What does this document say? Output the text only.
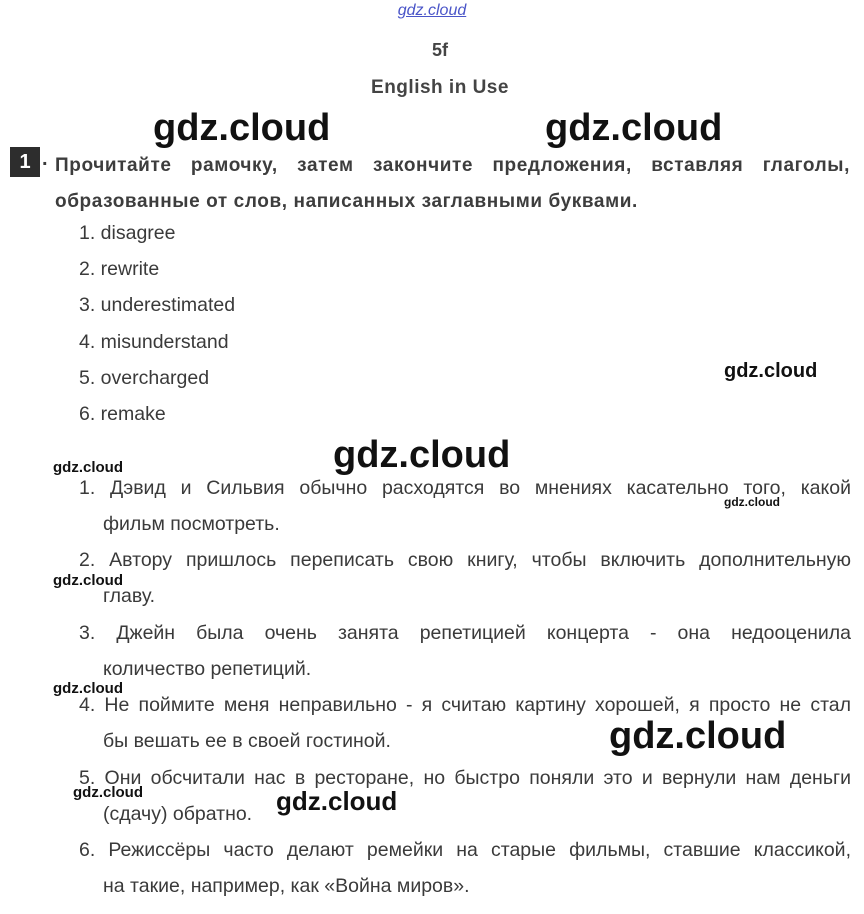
gdz.cloud
5f
English in Use
gdz.cloud	gdz.cloud
1 . Прочитайте рамочку, затем закончите предложения, вставляя глаголы, образованные от слов, написанных заглавными буквами.
1. disagree
2. rewrite
3. underestimated
4. misunderstand
5. overcharged
6. remake
gdz.cloud
gdz.cloud
gdz.cloud
1. Дэвид и Сильвия обычно расходятся во мнениях касательно того, какой
фильм посмотреть.
2. Автору пришлось переписать свою книгу, чтобы включить дополнительную
главу.
3. Джейн была очень занята репетицией концерта - она недооценила
количество репетиций.
4. Не поймите меня неправильно - я считаю картину хорошей, я просто не стал
бы вешать ее в своей гостиной.
5. Они обсчитали нас в ресторане, но быстро поняли это и вернули нам деньги
(сдачу) обратно.
6. Режиссёры часто делают ремейки на старые фильмы, ставшие классикой,
на такие, например, как «Война миров».
gdz.cloud
gdz.cloud
gdz.cloud
gdz.cloud
gdz.cloud	gdz.cloud
